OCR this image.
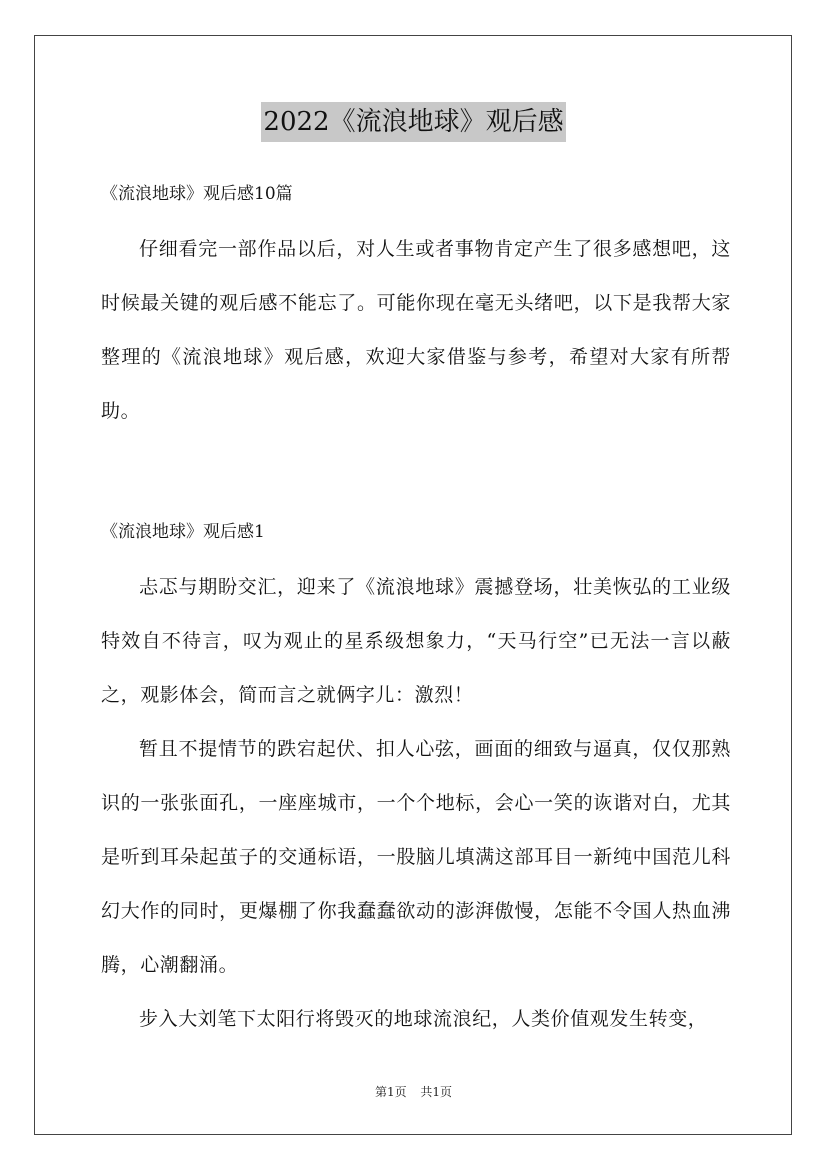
2022《流浪地球》观后感

《流浪地球》观后感10篇

仔细看完一部作品以后，对人生或者事物肯定产生了很多感想吧，这时候最关键的观后感不能忘了。可能你现在毫无头绪吧，以下是我帮大家整理的《流浪地球》观后感，欢迎大家借鉴与参考，希望对大家有所帮助。

《流浪地球》观后感1

忐忑与期盼交汇，迎来了《流浪地球》震撼登场，壮美恢弘的工业级特效自不待言，叹为观止的星系级想象力，“天马行空”已无法一言以蔽之，观影体会，简而言之就俩字儿：激烈！

暂且不提情节的跌宕起伏、扣人心弦，画面的细致与逼真，仅仅那熟识的一张张面孔，一座座城市，一个个地标，会心一笑的诙谐对白，尤其是听到耳朵起茧子的交通标语，一股脑儿填满这部耳目一新纯中国范儿科幻大作的同时，更爆棚了你我蠢蠢欲动的澎湃傲慢，怎能不令国人热血沸腾，心潮翻涌。

步入大刘笔下太阳行将毁灭的地球流浪纪，人类价值观发生转变，

第1页 共1页
